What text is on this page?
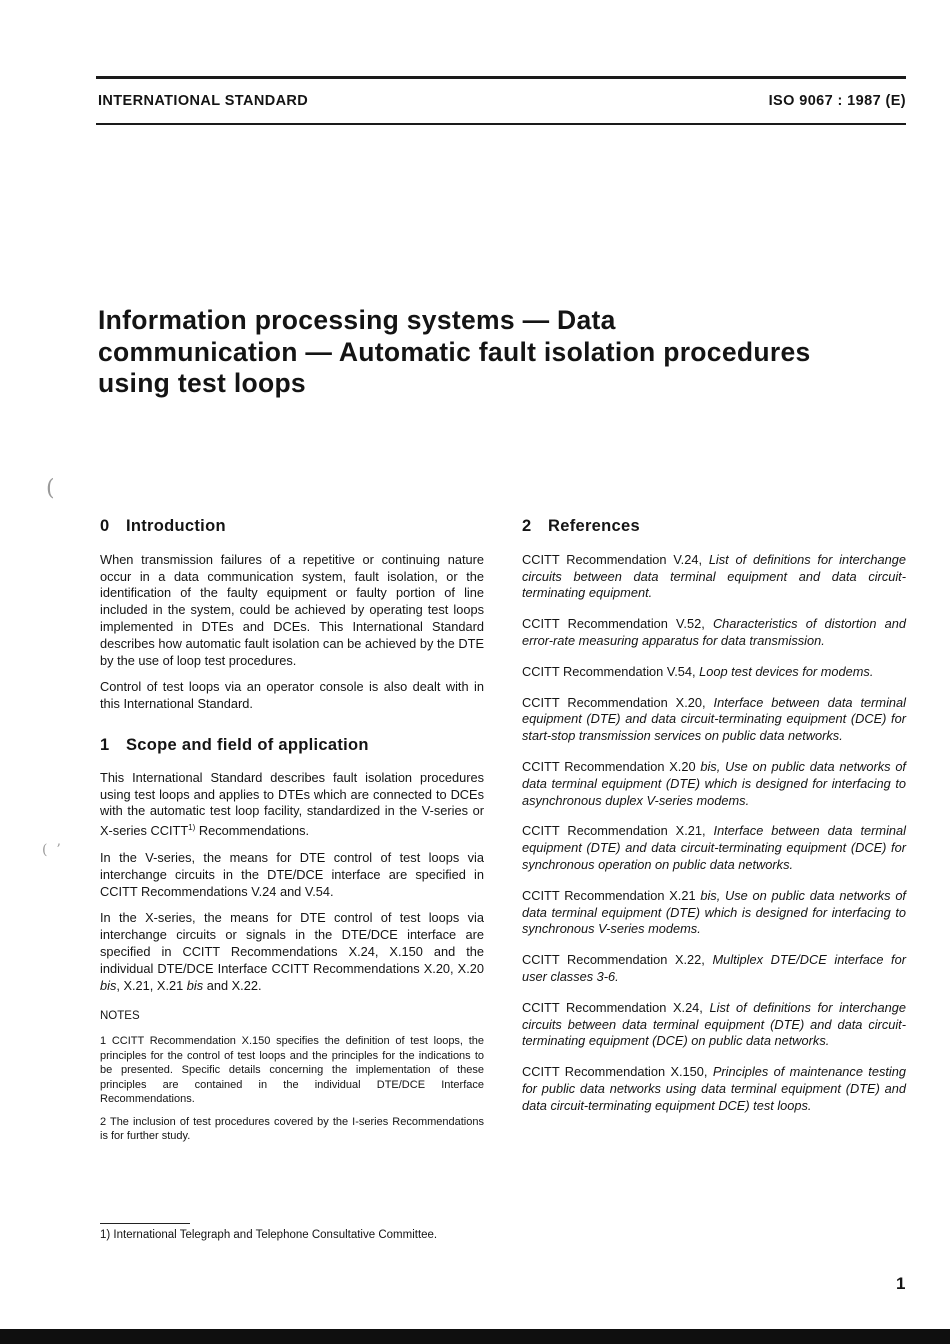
INTERNATIONAL STANDARD	ISO 9067 : 1987 (E)
(
(  ’
Information processing systems — Data communication — Automatic fault isolation procedures using test loops
0 Introduction

When transmission failures of a repetitive or continuing nature occur in a data communication system, fault isolation, or the identification of the faulty equipment or faulty portion of line included in the system, could be achieved by operating test loops implemented in DTEs and DCEs. This International Standard describes how automatic fault isolation can be achieved by the DTE by the use of loop test procedures.

Control of test loops via an operator console is also dealt with in this International Standard.

1 Scope and field of application

This International Standard describes fault isolation procedures using test loops and applies to DTEs which are connected to DCEs with the automatic test loop facility, standardized in the V-series or X-series CCITT$^{1)}$ Recommendations.

In the V-series, the means for DTE control of test loops via interchange circuits in the DTE/DCE interface are specified in CCITT Recommendations V.24 and V.54.

In the X-series, the means for DTE control of test loops via interchange circuits or signals in the DTE/DCE interface are specified in CCITT Recommendations X.24, X.150 and the individual DTE/DCE Interface CCITT Recommendations X.20, X.20 bis, X.21, X.21 bis and X.22.

NOTES

1 CCITT Recommendation X.150 specifies the definition of test loops, the principles for the control of test loops and the principles for the indications to be presented. Specific details concerning the implementation of these principles are contained in the individual DTE/DCE Interface Recommendations.

2 The inclusion of test procedures covered by the I-series Recommendations is for further study.

2 References

CCITT Recommendation V.24, List of definitions for interchange circuits between data terminal equipment and data circuit-terminating equipment.

CCITT Recommendation V.52, Characteristics of distortion and error-rate measuring apparatus for data transmission.

CCITT Recommendation V.54, Loop test devices for modems.

CCITT Recommendation X.20, Interface between data terminal equipment (DTE) and data circuit-terminating equipment (DCE) for start-stop transmission services on public data networks.

CCITT Recommendation X.20 bis, Use on public data networks of data terminal equipment (DTE) which is designed for interfacing to asynchronous duplex V-series modems.

CCITT Recommendation X.21, Interface between data terminal equipment (DTE) and data circuit-terminating equipment (DCE) for synchronous operation on public data networks.

CCITT Recommendation X.21 bis, Use on public data networks of data terminal equipment (DTE) which is designed for interfacing to synchronous V-series modems.

CCITT Recommendation X.22, Multiplex DTE/DCE interface for user classes 3-6.

CCITT Recommendation X.24, List of definitions for interchange circuits between data terminal equipment (DTE) and data circuit-terminating equipment (DCE) on public data networks.

CCITT Recommendation X.150, Principles of maintenance testing for public data networks using data terminal equipment (DTE) and data circuit-terminating equipment DCE) test loops.

1) International Telegraph and Telephone Consultative Committee.
1
